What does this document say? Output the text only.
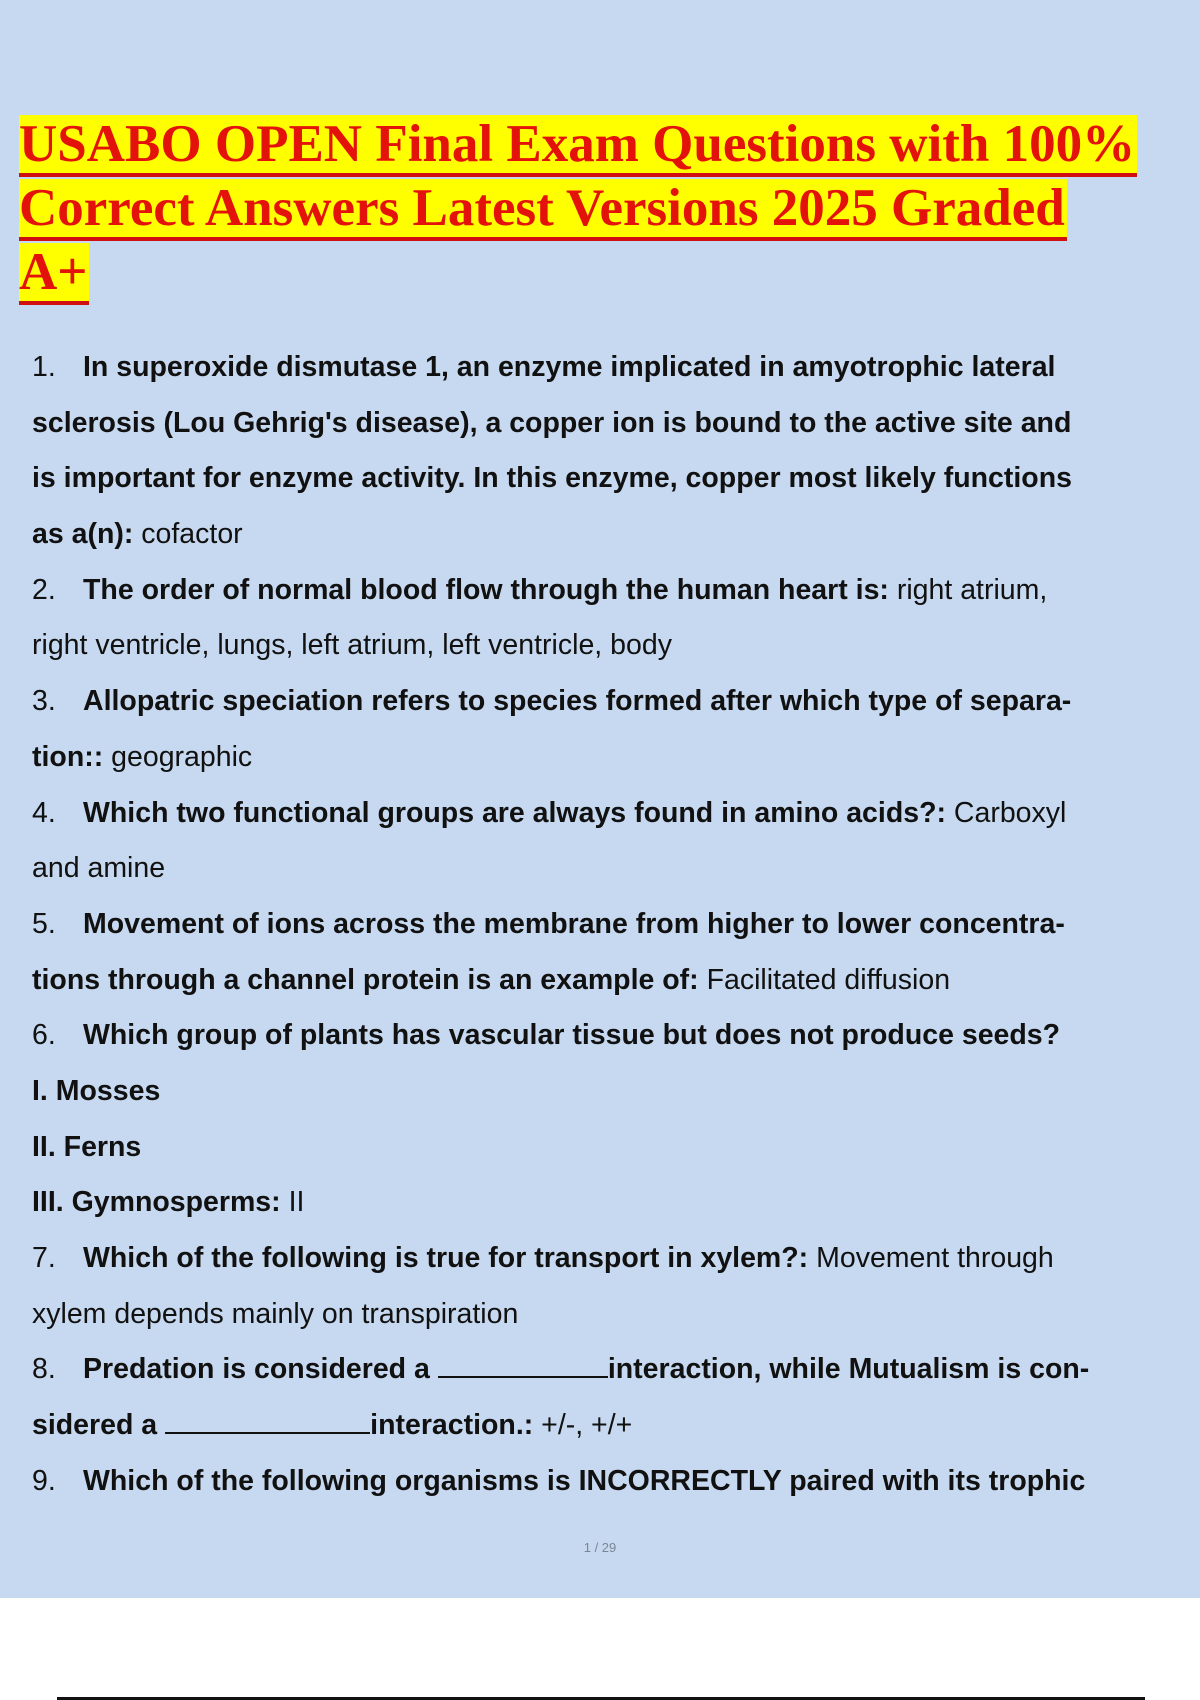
USABO OPEN Final Exam Questions with 100%
Correct Answers Latest Versions 2025 Graded
A+
1. In superoxide dismutase 1, an enzyme implicated in amyotrophic lateral
sclerosis (Lou Gehrig's disease), a copper ion is bound to the active site and
is important for enzyme activity. In this enzyme, copper most likely functions
as a(n): cofactor
2. The order of normal blood flow through the human heart is: right atrium,
right ventricle, lungs, left atrium, left ventricle, body
3. Allopatric speciation refers to species formed after which type of separa-
tion:: geographic
4. Which two functional groups are always found in amino acids?: Carboxyl
and amine
5. Movement of ions across the membrane from higher to lower concentra-
tions through a channel protein is an example of: Facilitated diffusion
6. Which group of plants has vascular tissue but does not produce seeds?
I. Mosses
II. Ferns
III. Gymnosperms: II
7. Which of the following is true for transport in xylem?: Movement through
xylem depends mainly on transpiration
8. Predation is considered a	interaction, while Mutualism is con-
sidered a	interaction.: +/-, +/+
9. Which of the following organisms is INCORRECTLY paired with its trophic
1 / 29
